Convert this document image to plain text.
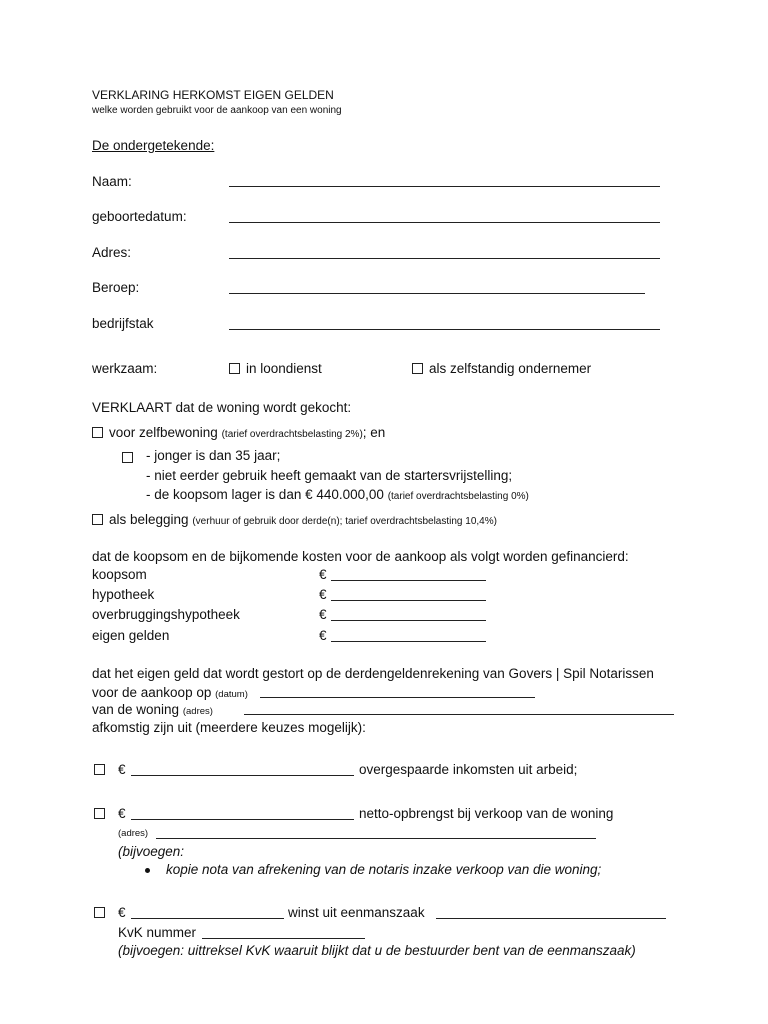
VERKLARING HERKOMST EIGEN GELDEN
welke worden gebruikt voor de aankoop van een woning
De ondergetekende:
Naam:
geboortedatum:
Adres:
Beroep:
bedrijfstak
werkzaam:	in loondienst	als zelfstandig ondernemer
VERKLAART dat de woning wordt gekocht:
voor zelfbewoning (tarief overdrachtsbelasting 2%); en
- jonger is dan 35 jaar;
- niet eerder gebruik heeft gemaakt van de startersvrijstelling;
- de koopsom lager is dan € 440.000,00 (tarief overdrachtsbelasting 0%)
als belegging (verhuur of gebruik door derde(n); tarief overdrachtsbelasting 10,4%)
dat de koopsom en de bijkomende kosten voor de aankoop als volgt worden gefinancierd:
koopsom	€
hypotheek	€
overbruggingshypotheek	€
eigen gelden	€
dat het eigen geld dat wordt gestort op de derdengeldenrekening van Govers | Spil Notarissen
voor de aankoop op (datum)
van de woning (adres)
afkomstig zijn uit (meerdere keuzes mogelijk):
€	overgespaarde inkomsten uit arbeid;
€	netto-opbrengst bij verkoop van de woning
(adres)
(bijvoegen:
kopie nota van afrekening van de notaris inzake verkoop van die woning;
€	winst uit eenmanszaak
KvK nummer
(bijvoegen: uittreksel KvK waaruit blijkt dat u de bestuurder bent van de eenmanszaak)
